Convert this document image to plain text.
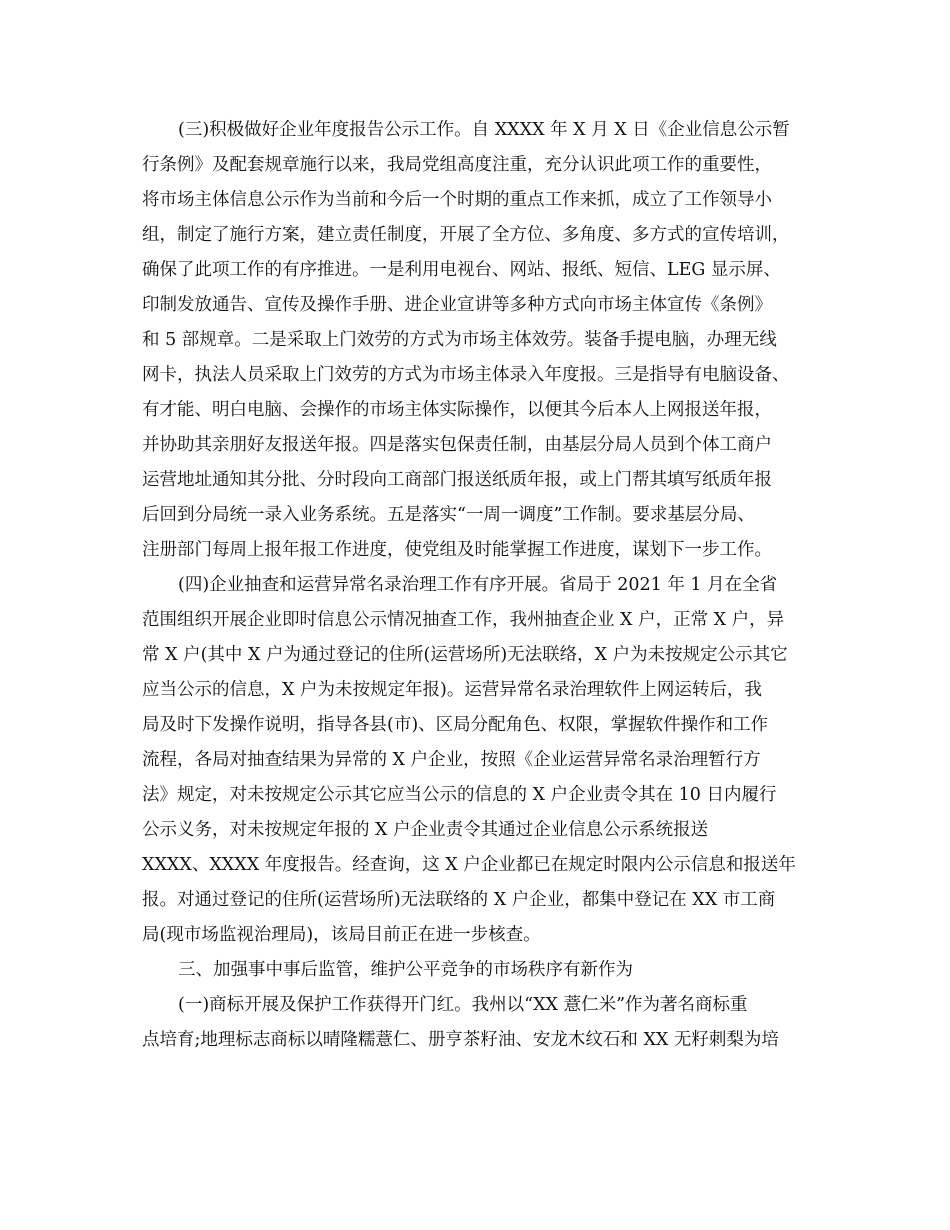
(三)积极做好企业年度报告公示工作。自 XXXX 年 X 月 X 日《企业信息公示暂
行条例》及配套规章施行以来，我局党组高度注重，充分认识此项工作的重要性，
将市场主体信息公示作为当前和今后一个时期的重点工作来抓，成立了工作领导小
组，制定了施行方案，建立责任制度，开展了全方位、多角度、多方式的宣传培训，
确保了此项工作的有序推进。一是利用电视台、网站、报纸、短信、LEG 显示屏、
印制发放通告、宣传及操作手册、进企业宣讲等多种方式向市场主体宣传《条例》
和 5 部规章。二是采取上门效劳的方式为市场主体效劳。装备手提电脑，办理无线
网卡，执法人员采取上门效劳的方式为市场主体录入年度报。三是指导有电脑设备、
有才能、明白电脑、会操作的市场主体实际操作，以便其今后本人上网报送年报，
并协助其亲朋好友报送年报。四是落实包保责任制，由基层分局人员到个体工商户
运营地址通知其分批、分时段向工商部门报送纸质年报，或上门帮其填写纸质年报
后回到分局统一录入业务系统。五是落实“一周一调度”工作制。要求基层分局、
注册部门每周上报年报工作进度，使党组及时能掌握工作进度，谋划下一步工作。
(四)企业抽查和运营异常名录治理工作有序开展。省局于 2021 年 1 月在全省
范围组织开展企业即时信息公示情况抽查工作，我州抽查企业 X 户，正常 X 户，异
常 X 户(其中 X 户为通过登记的住所(运营场所)无法联络，X 户为未按规定公示其它
应当公示的信息，X 户为未按规定年报)。运营异常名录治理软件上网运转后，我
局及时下发操作说明，指导各县(市)、区局分配角色、权限，掌握软件操作和工作
流程，各局对抽查结果为异常的 X 户企业，按照《企业运营异常名录治理暂行方
法》规定，对未按规定公示其它应当公示的信息的 X 户企业责令其在 10 日内履行
公示义务，对未按规定年报的 X 户企业责令其通过企业信息公示系统报送
XXXX、XXXX 年度报告。经查询，这 X 户企业都已在规定时限内公示信息和报送年
报。对通过登记的住所(运营场所)无法联络的 X 户企业，都集中登记在 XX 市工商
局(现市场监视治理局)，该局目前正在进一步核查。
三、加强事中事后监管，维护公平竞争的市场秩序有新作为
(一)商标开展及保护工作获得开门红。我州以“XX 薏仁米”作为著名商标重
点培育;地理标志商标以晴隆糯薏仁、册亨茶籽油、安龙木纹石和 XX 无籽刺梨为培
